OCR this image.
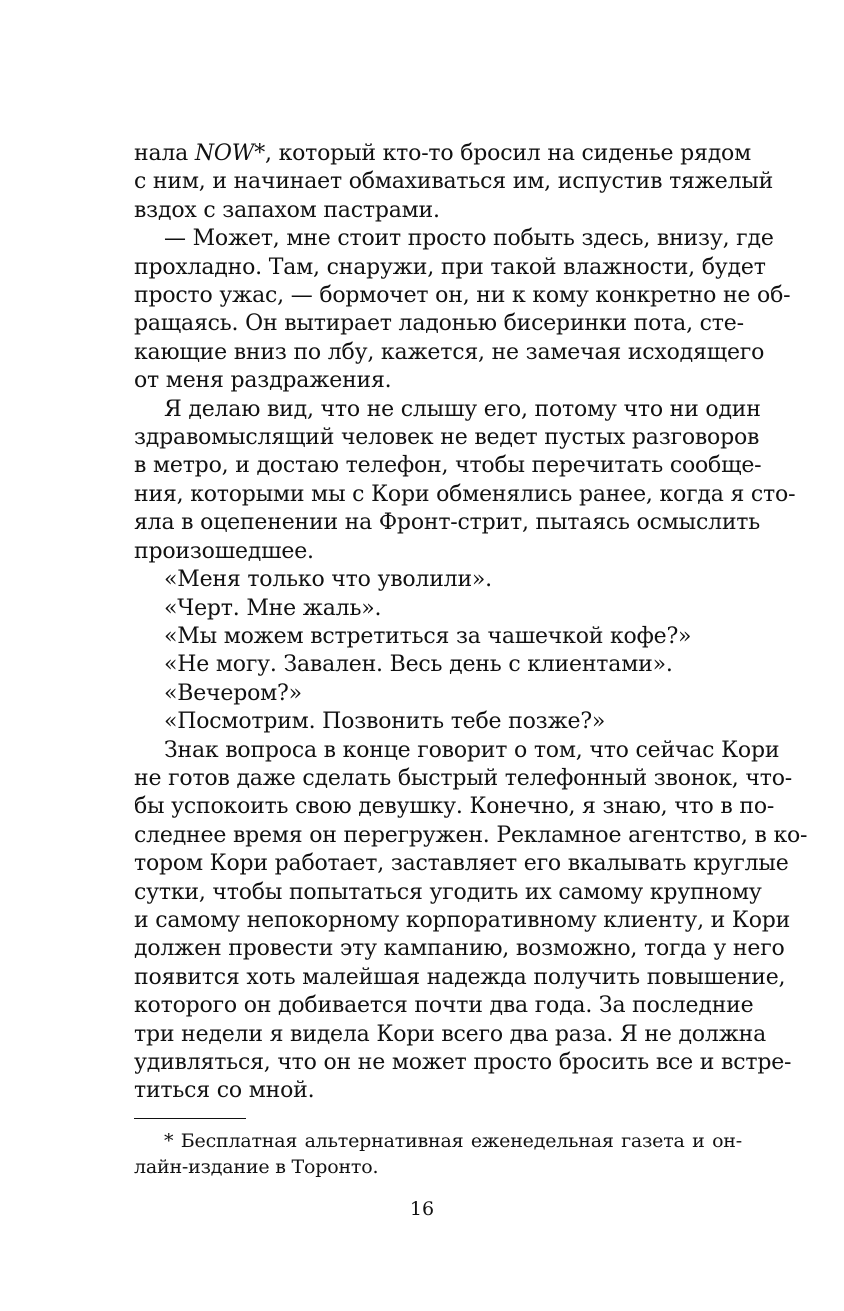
нала NOW*, который кто-то бросил на сиденье рядом
с ним, и начинает обмахиваться им, испустив тяжелый
вздох с запахом пастрами.
— Может, мне стоит просто побыть здесь, внизу, где
прохладно. Там, снаружи, при такой влажности, будет
просто ужас, — бормочет он, ни к кому конкретно не об-
ращаясь. Он вытирает ладонью бисеринки пота, сте-
кающие вниз по лбу, кажется, не замечая исходящего
от меня раздражения.
Я делаю вид, что не слышу его, потому что ни один
здравомыслящий человек не ведет пустых разговоров
в метро, и достаю телефон, чтобы перечитать сообще-
ния, которыми мы с Кори обменялись ранее, когда я сто-
яла в оцепенении на Фронт-стрит, пытаясь осмыслить
произошедшее.
«Меня только что уволили».
«Черт. Мне жаль».
«Мы можем встретиться за чашечкой кофе?»
«Не могу. Завален. Весь день с клиентами».
«Вечером?»
«Посмотрим. Позвонить тебе позже?»
Знак вопроса в конце говорит о том, что сейчас Кори
не готов даже сделать быстрый телефонный звонок, что-
бы успокоить свою девушку. Конечно, я знаю, что в по-
следнее время он перегружен. Рекламное агентство, в ко-
тором Кори работает, заставляет его вкалывать круглые
сутки, чтобы попытаться угодить их самому крупному
и самому непокорному корпоративному клиенту, и Кори
должен провести эту кампанию, возможно, тогда у него
появится хоть малейшая надежда получить повышение,
которого он добивается почти два года. За последние
три недели я видела Кори всего два раза. Я не должна
удивляться, что он не может просто бросить все и встре-
титься со мной.
* Бесплатная альтернативная еженедельная газета и он-
лайн-издание в Торонто.
16
